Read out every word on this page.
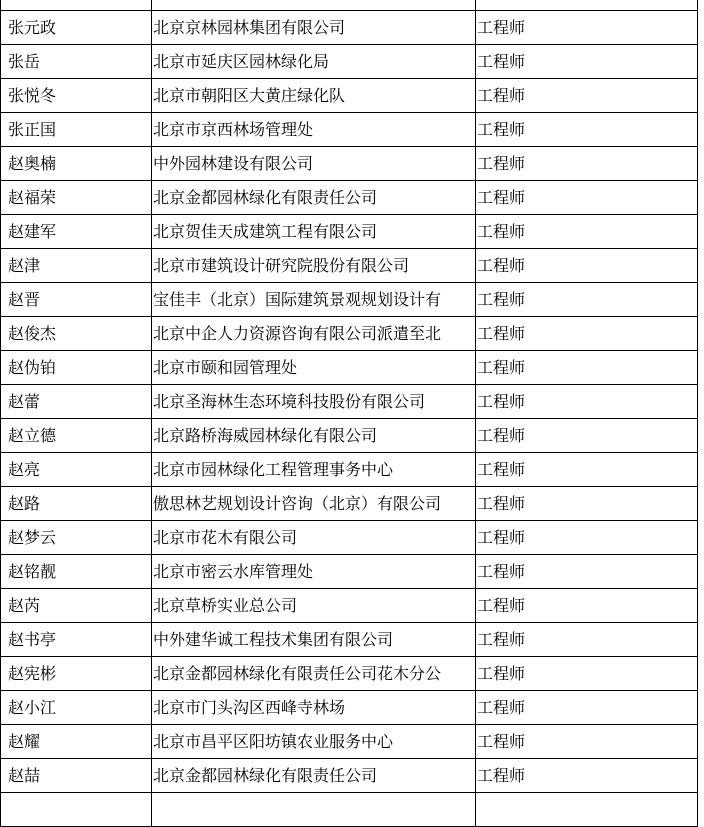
张元政	北京京林园林集团有限公司	工程师
张岳	北京市延庆区园林绿化局	工程师
张悦冬	北京市朝阳区大黄庄绿化队	工程师
张正国	北京市京西林场管理处	工程师
赵奥楠	中外园林建设有限公司	工程师
赵福荣	北京金都园林绿化有限责任公司	工程师
赵建军	北京贺佳天成建筑工程有限公司	工程师
赵津	北京市建筑设计研究院股份有限公司	工程师
赵晋	宝佳丰（北京）国际建筑景观规划设计有	工程师
赵俊杰	北京中企人力资源咨询有限公司派遣至北	工程师
赵伪铂	北京市颐和园管理处	工程师
赵蕾	北京圣海林生态环境科技股份有限公司	工程师
赵立德	北京路桥海威园林绿化有限公司	工程师
赵亮	北京市园林绿化工程管理事务中心	工程师
赵路	傲思林艺规划设计咨询（北京）有限公司	工程师
赵梦云	北京市花木有限公司	工程师
赵铭靓	北京市密云水库管理处	工程师
赵芮	北京草桥实业总公司	工程师
赵书亭	中外建华诚工程技术集团有限公司	工程师
赵宪彬	北京金都园林绿化有限责任公司花木分公	工程师
赵小江	北京市门头沟区西峰寺林场	工程师
赵耀	北京市昌平区阳坊镇农业服务中心	工程师
赵喆	北京金都园林绿化有限责任公司	工程师
